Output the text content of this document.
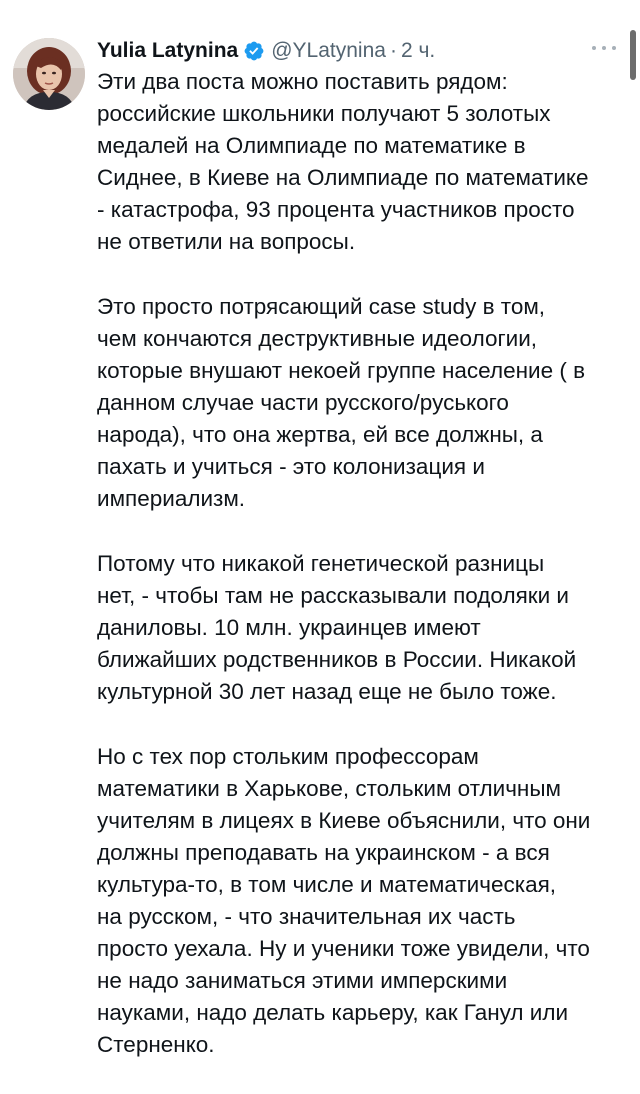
Yulia Latynina @YLatynina · 2 ч.
Эти два поста можно поставить рядом:
российские школьники получают 5 золотых
медалей на Олимпиаде по математике в
Сиднее, в Киеве на Олимпиаде по математике
- катастрофа, 93 процента участников просто
не ответили на вопросы.
Это просто потрясающий case study в том,
чем кончаются деструктивные идеологии,
которые внушают некоей группе население ( в
данном случае части русского/руського
народа), что она жертва, ей все должны, а
пахать и учиться - это колонизация и
империализм.
Потому что никакой генетической разницы
нет, - чтобы там не рассказывали подоляки и
даниловы. 10 млн. украинцев имеют
ближайших родственников в России. Никакой
культурной 30 лет назад еще не было тоже.
Но с тех пор стольким профессорам
математики в Харькове, стольким отличным
учителям в лицеях в Киеве объяснили, что они
должны преподавать на украинском - а вся
культура-то, в том числе и математическая,
на русском, - что значительная их часть
просто уехала. Ну и ученики тоже увидели, что
не надо заниматься этими имперскими
науками, надо делать карьеру, как Ганул или
Стерненко.
